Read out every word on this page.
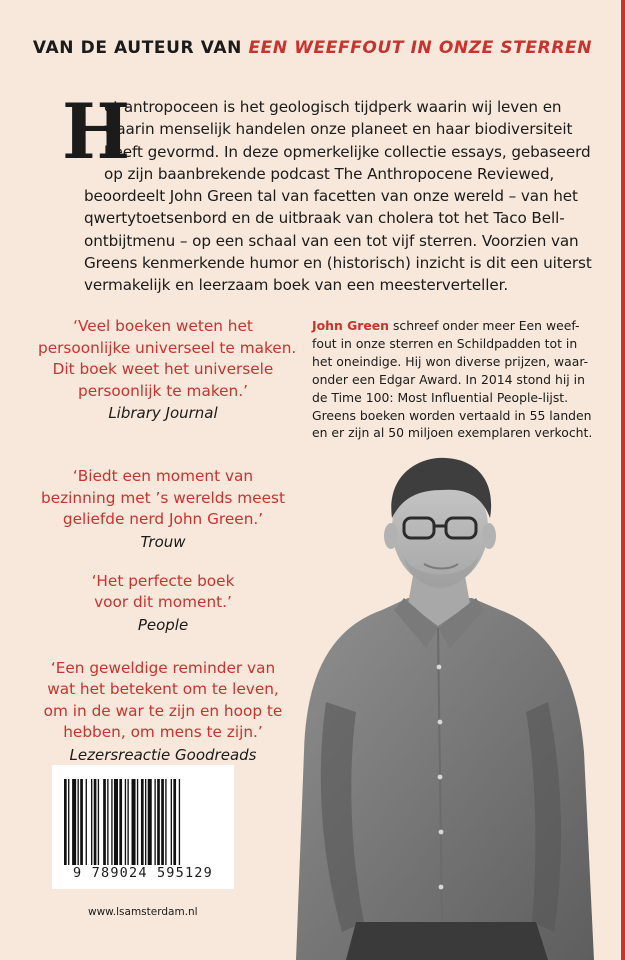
VAN DE AUTEUR VAN EEN WEEFFOUT IN ONZE STERREN
H
et antropoceen is het geologisch tijdperk waarin wij leven en
waarin menselijk handelen onze planeet en haar biodiversiteit
heeft gevormd. In deze opmerkelijke collectie essays, gebaseerd
op zijn baanbrekende podcast The Anthropocene Reviewed,
beoordeelt John Green tal van facetten van onze wereld – van het
qwertytoetsenbord en de uitbraak van cholera tot het Taco Bell-
ontbijtmenu – op een schaal van een tot vijf sterren. Voorzien van
Greens kenmerkende humor en (historisch) inzicht is dit een uiterst
vermakelijk en leerzaam boek van een meesterverteller.
‘Veel boeken weten het
persoonlijke universeel te maken.
Dit boek weet het universele
persoonlijk te maken.’
Library Journal
‘Biedt een moment van
bezinning met ’s werelds meest
geliefde nerd John Green.’
Trouw
‘Het perfecte boek
voor dit moment.’
People
‘Een geweldige reminder van
wat het betekent om te leven,
om in de war te zijn en hoop te
hebben, om mens te zijn.’
Lezersreactie Goodreads
John Green schreef onder meer Een weef-
fout in onze sterren en Schildpadden tot in
het oneindige. Hij won diverse prijzen, waar-
onder een Edgar Award. In 2014 stond hij in
de Time 100: Most Influential People-lijst.
Greens boeken worden vertaald in 55 landen
en er zijn al 50 miljoen exemplaren verkocht.
9 789024 595129
www.lsamsterdam.nl
